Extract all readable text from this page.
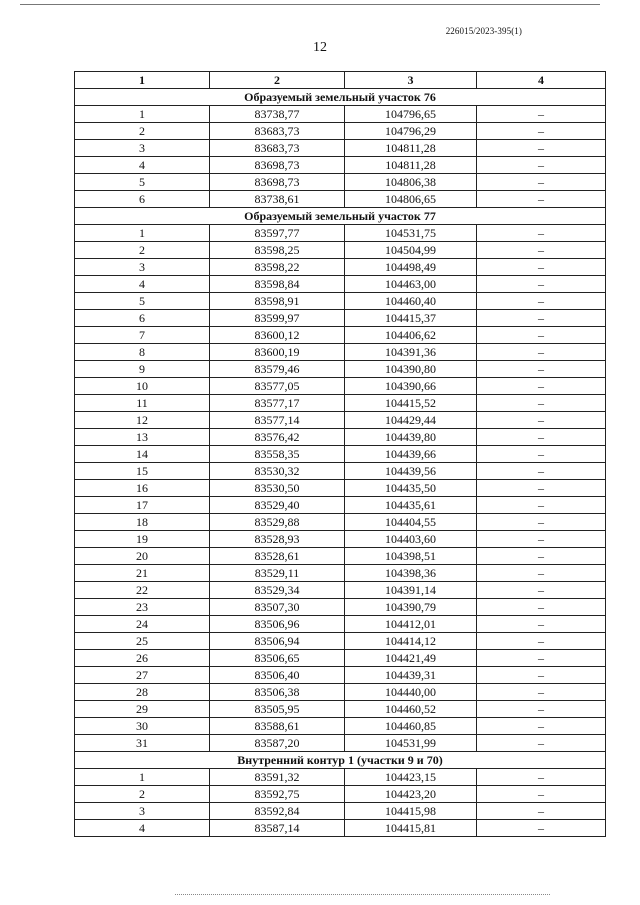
226015/2023-395(1)
12
1	2	3	4
Образуемый земельный участок 76			
1	83738,77	104796,65	–
2	83683,73	104796,29	–
3	83683,73	104811,28	–
4	83698,73	104811,28	–
5	83698,73	104806,38	–
6	83738,61	104806,65	–
Образуемый земельный участок 77			
1	83597,77	104531,75	–
2	83598,25	104504,99	–
3	83598,22	104498,49	–
4	83598,84	104463,00	–
5	83598,91	104460,40	–
6	83599,97	104415,37	–
7	83600,12	104406,62	–
8	83600,19	104391,36	–
9	83579,46	104390,80	–
10	83577,05	104390,66	–
11	83577,17	104415,52	–
12	83577,14	104429,44	–
13	83576,42	104439,80	–
14	83558,35	104439,66	–
15	83530,32	104439,56	–
16	83530,50	104435,50	–
17	83529,40	104435,61	–
18	83529,88	104404,55	–
19	83528,93	104403,60	–
20	83528,61	104398,51	–
21	83529,11	104398,36	–
22	83529,34	104391,14	–
23	83507,30	104390,79	–
24	83506,96	104412,01	–
25	83506,94	104414,12	–
26	83506,65	104421,49	–
27	83506,40	104439,31	–
28	83506,38	104440,00	–
29	83505,95	104460,52	–
30	83588,61	104460,85	–
31	83587,20	104531,99	–
Внутренний контур 1 (участки 9 и 70)			
1	83591,32	104423,15	–
2	83592,75	104423,20	–
3	83592,84	104415,98	–
4	83587,14	104415,81	–
